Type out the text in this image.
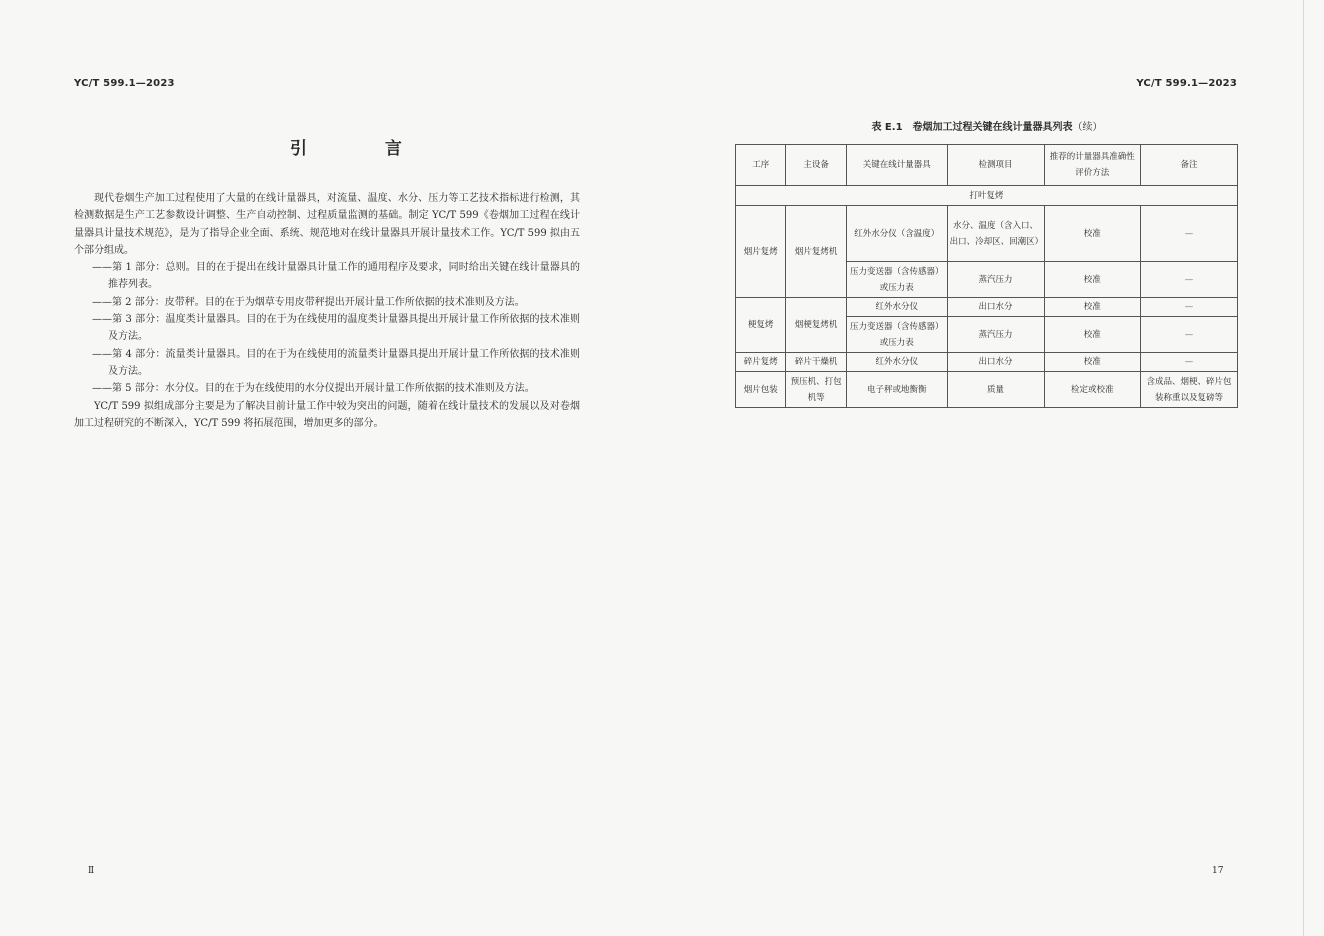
YC/T 599.1—2023
引 言

现代卷烟生产加工过程使用了大量的在线计量器具，对流量、温度、水分、压力等工艺技术指标进行检测，其检测数据是生产工艺参数设计调整、生产自动控制、过程质量监测的基础。制定 YC/T 599《卷烟加工过程在线计量器具计量技术规范》，是为了指导企业全面、系统、规范地对在线计量器具开展计量技术工作。YC/T 599 拟由五个部分组成。

——第 1 部分：总则。目的在于提出在线计量器具计量工作的通用程序及要求，同时给出关键在线计量器具的推荐列表。

——第 2 部分：皮带秤。目的在于为烟草专用皮带秤提出开展计量工作所依据的技术准则及方法。

——第 3 部分：温度类计量器具。目的在于为在线使用的温度类计量器具提出开展计量工作所依据的技术准则及方法。

——第 4 部分：流量类计量器具。目的在于为在线使用的流量类计量器具提出开展计量工作所依据的技术准则及方法。

——第 5 部分：水分仪。目的在于为在线使用的水分仪提出开展计量工作所依据的技术准则及方法。

YC/T 599 拟组成部分主要是为了解决目前计量工作中较为突出的问题，随着在线计量技术的发展以及对卷烟加工过程研究的不断深入，YC/T 599 将拓展范围，增加更多的部分。

Ⅱ
YC/T 599.1—2023
表 E.1　卷烟加工过程关键在线计量器具列表（续）
工序	主设备	关键在线计量器具	检测项目	推荐的计量器具准确性评价方法	备注
打叶复烤					
烟片复烤	烟片复烤机	红外水分仪（含温度）	水分、温度（含入口、出口、冷却区、回潮区）	校准	—
		压力变送器（含传感器）或压力表	蒸汽压力	校准	—
梗复烤	烟梗复烤机	红外水分仪	出口水分	校准	—
		压力变送器（含传感器）或压力表	蒸汽压力	校准	—
碎片复烤	碎片干燥机	红外水分仪	出口水分	校准	—
烟片包装	预压机、打包机等	电子秤或地衡衡	质量	检定或校准	含成品、烟梗、碎片包装称重以及复磅等
17
